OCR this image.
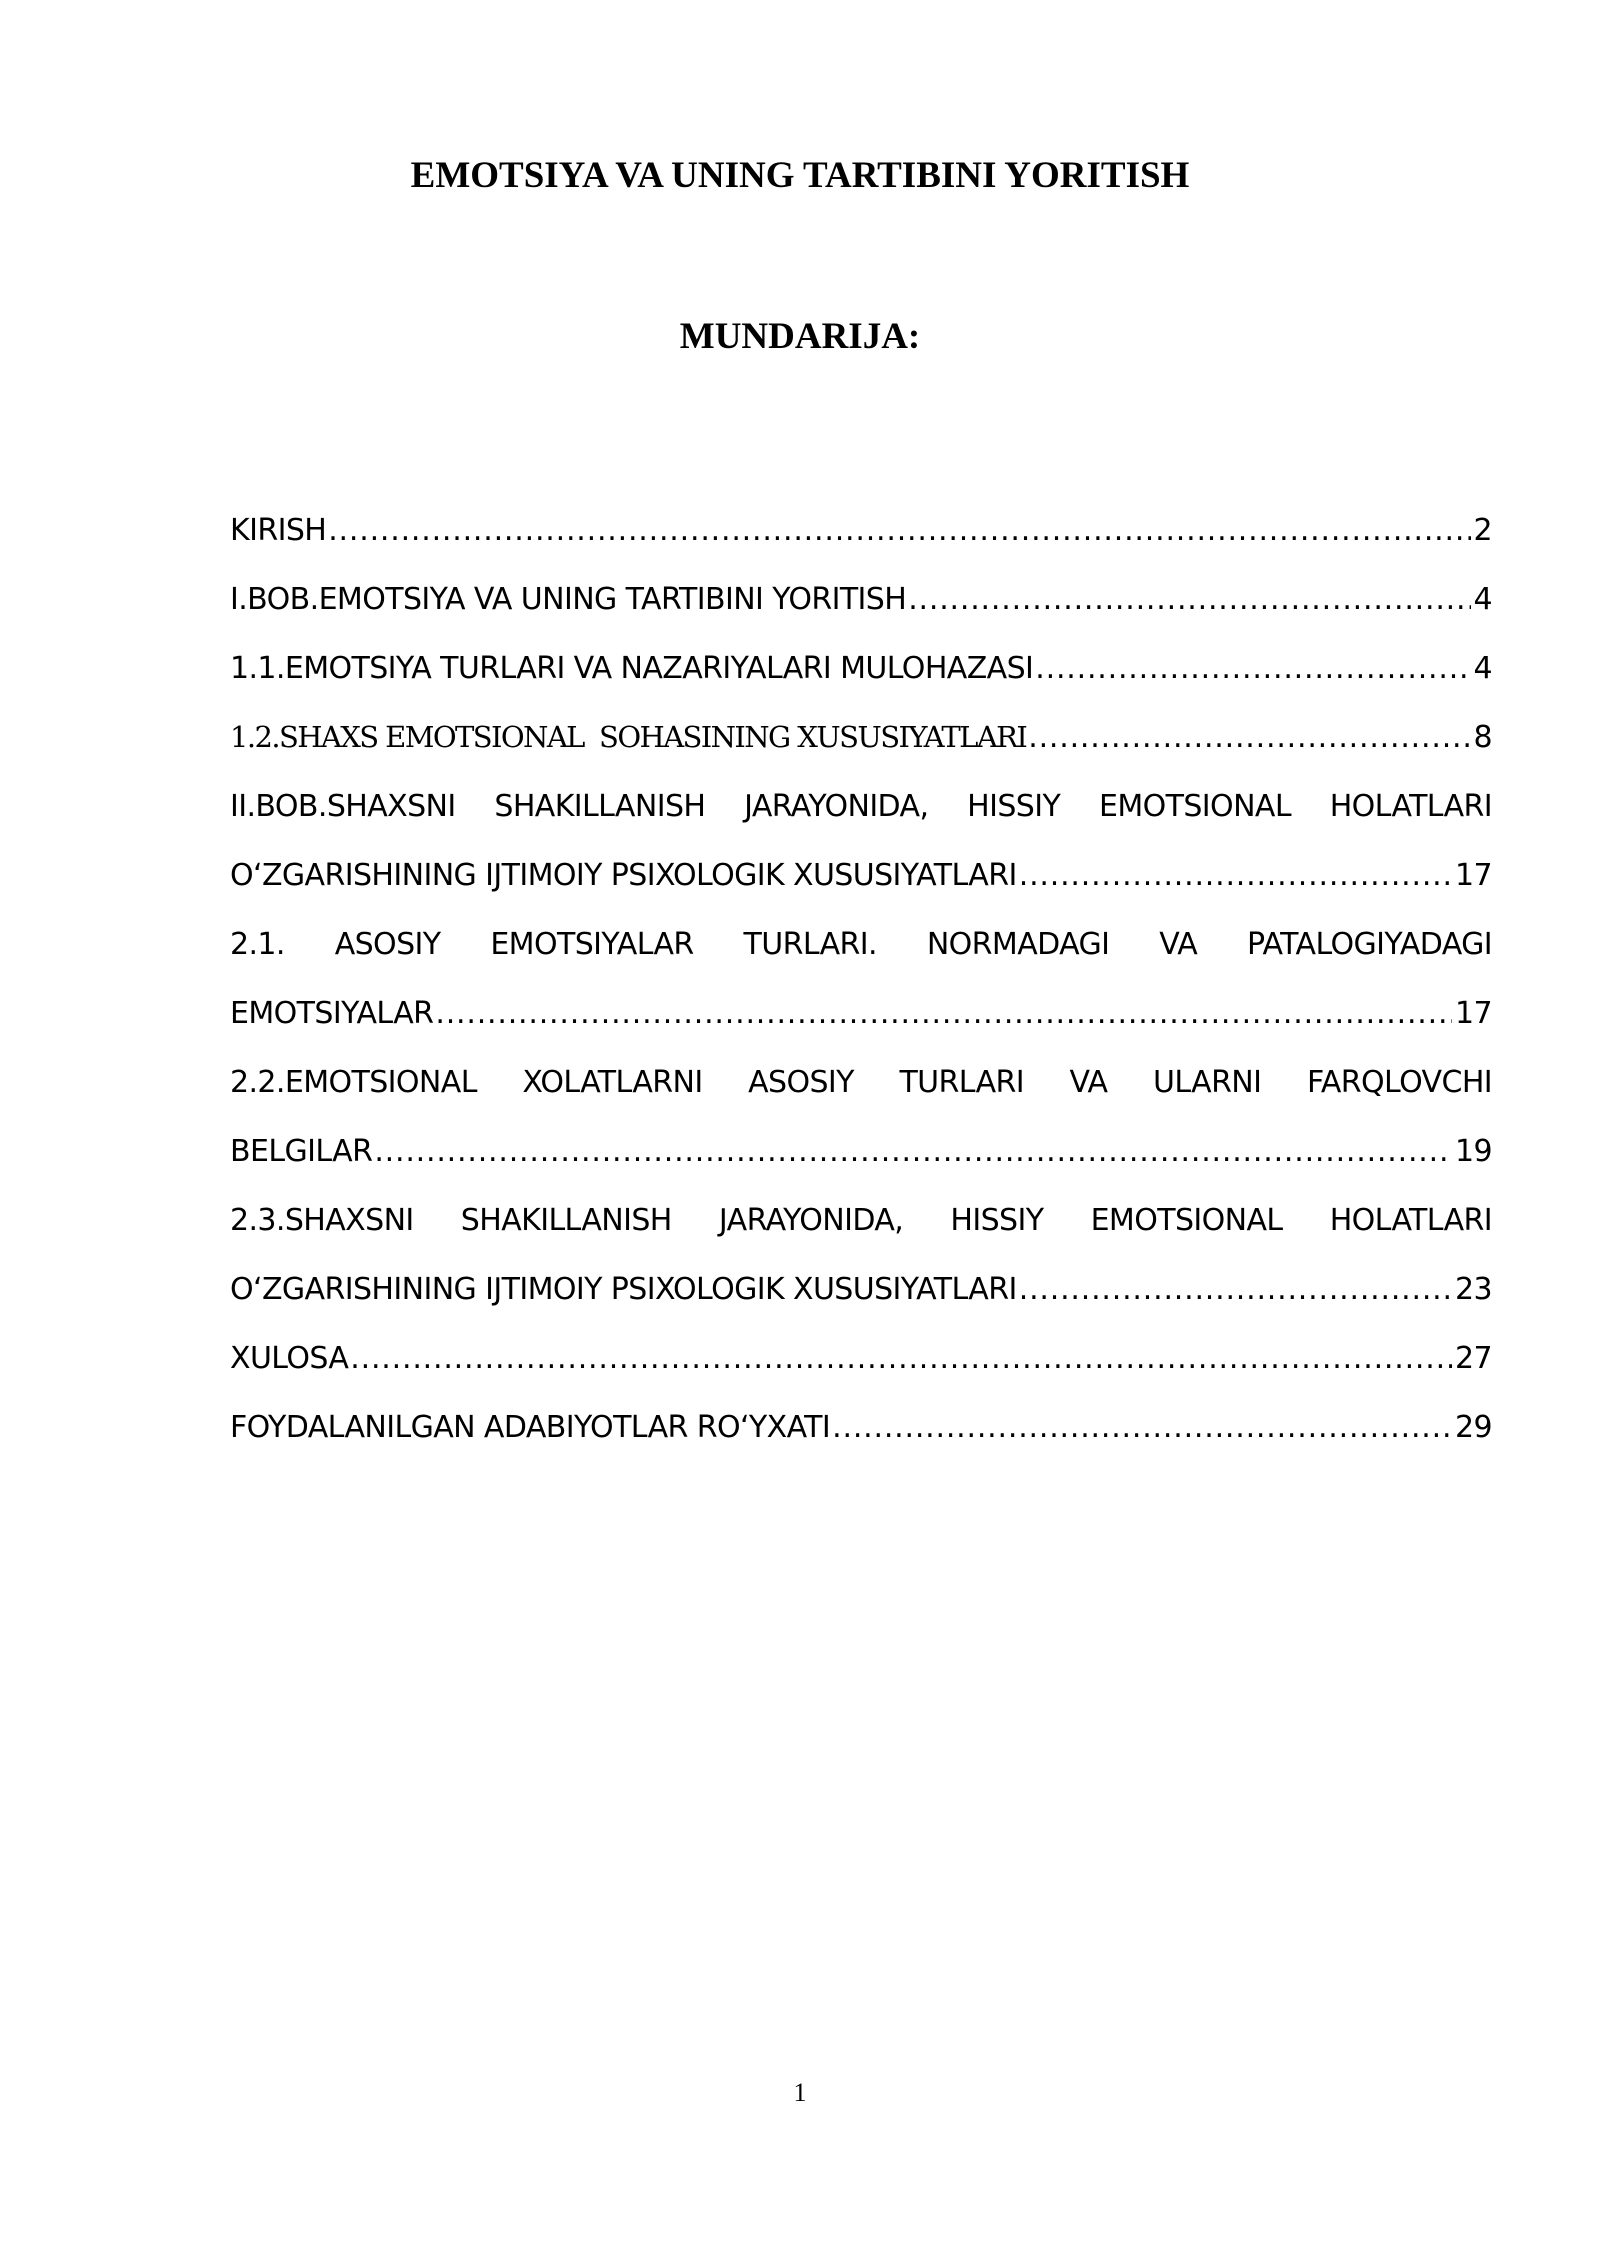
EMOTSIYA VA UNING TARTIBINI YORITISH
MUNDARIJA:
KIRISH .....	2
I.BOB.EMOTSIYA VA UNING TARTIBINI YORITISH .....	4
1.1.EMOTSIYA TURLARI VA NAZARIYALARI MULOHAZASI .....	4
1.2.SHAXS EMOTSIONAL  SOHASINING XUSUSIYATLARI .....	8
II.BOB.SHAXSNI SHAKILLANISH JARAYONIDA, HISSIY EMOTSIONAL HOLATLARI
O‘ZGARISHINING IJTIMOIY PSIXOLOGIK XUSUSIYATLARI .....	17
2.1. ASOSIY EMOTSIYALAR TURLARI. NORMADAGI VA PATALOGIYADAGI
EMOTSIYALAR .....	17
2.2.EMOTSIONAL XOLATLARNI ASOSIY TURLARI VA ULARNI FARQLOVCHI
BELGILAR .....	19
2.3.SHAXSNI SHAKILLANISH JARAYONIDA, HISSIY EMOTSIONAL HOLATLARI
O‘ZGARISHINING IJTIMOIY PSIXOLOGIK XUSUSIYATLARI .....	23
XULOSA .....	27
FOYDALANILGAN ADABIYOTLAR RO‘YXATI .....	29

1
